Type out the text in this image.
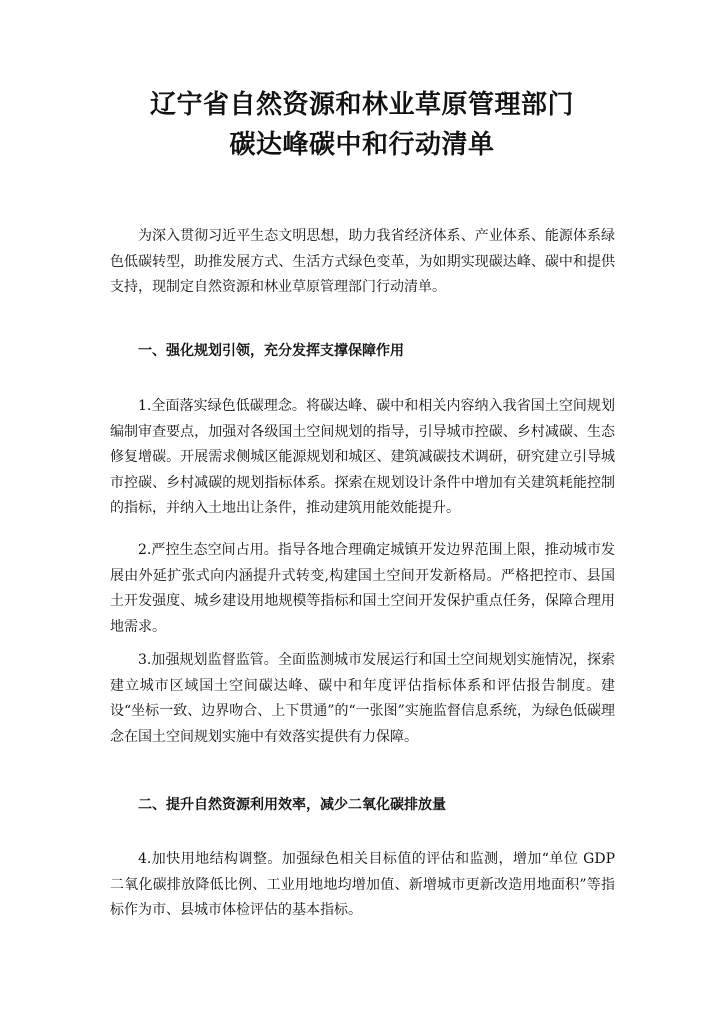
辽宁省自然资源和林业草原管理部门
碳达峰碳中和行动清单

为深入贯彻习近平生态文明思想，助力我省经济体系、产业体系、能源体系绿色低碳转型，助推发展方式、生活方式绿色变革，为如期实现碳达峰、碳中和提供支持，现制定自然资源和林业草原管理部门行动清单。

一、强化规划引领，充分发挥支撑保障作用

1.全面落实绿色低碳理念。将碳达峰、碳中和相关内容纳入我省国土空间规划编制审查要点，加强对各级国土空间规划的指导，引导城市控碳、乡村减碳、生态修复增碳。开展需求侧城区能源规划和城区、建筑减碳技术调研，研究建立引导城市控碳、乡村减碳的规划指标体系。探索在规划设计条件中增加有关建筑耗能控制的指标，并纳入土地出让条件，推动建筑用能效能提升。

2.严控生态空间占用。指导各地合理确定城镇开发边界范围上限，推动城市发展由外延扩张式向内涵提升式转变,构建国土空间开发新格局。严格把控市、县国土开发强度、城乡建设用地规模等指标和国土空间开发保护重点任务，保障合理用地需求。

3.加强规划监督监管。全面监测城市发展运行和国土空间规划实施情况，探索建立城市区域国土空间碳达峰、碳中和年度评估指标体系和评估报告制度。建设“坐标一致、边界吻合、上下贯通”的“一张图”实施监督信息系统，为绿色低碳理念在国土空间规划实施中有效落实提供有力保障。

二、提升自然资源利用效率，减少二氧化碳排放量

4.加快用地结构调整。加强绿色相关目标值的评估和监测，增加“单位 GDP 二氧化碳排放降低比例、工业用地地均增加值、新增城市更新改造用地面积”等指标作为市、县城市体检评估的基本指标。
